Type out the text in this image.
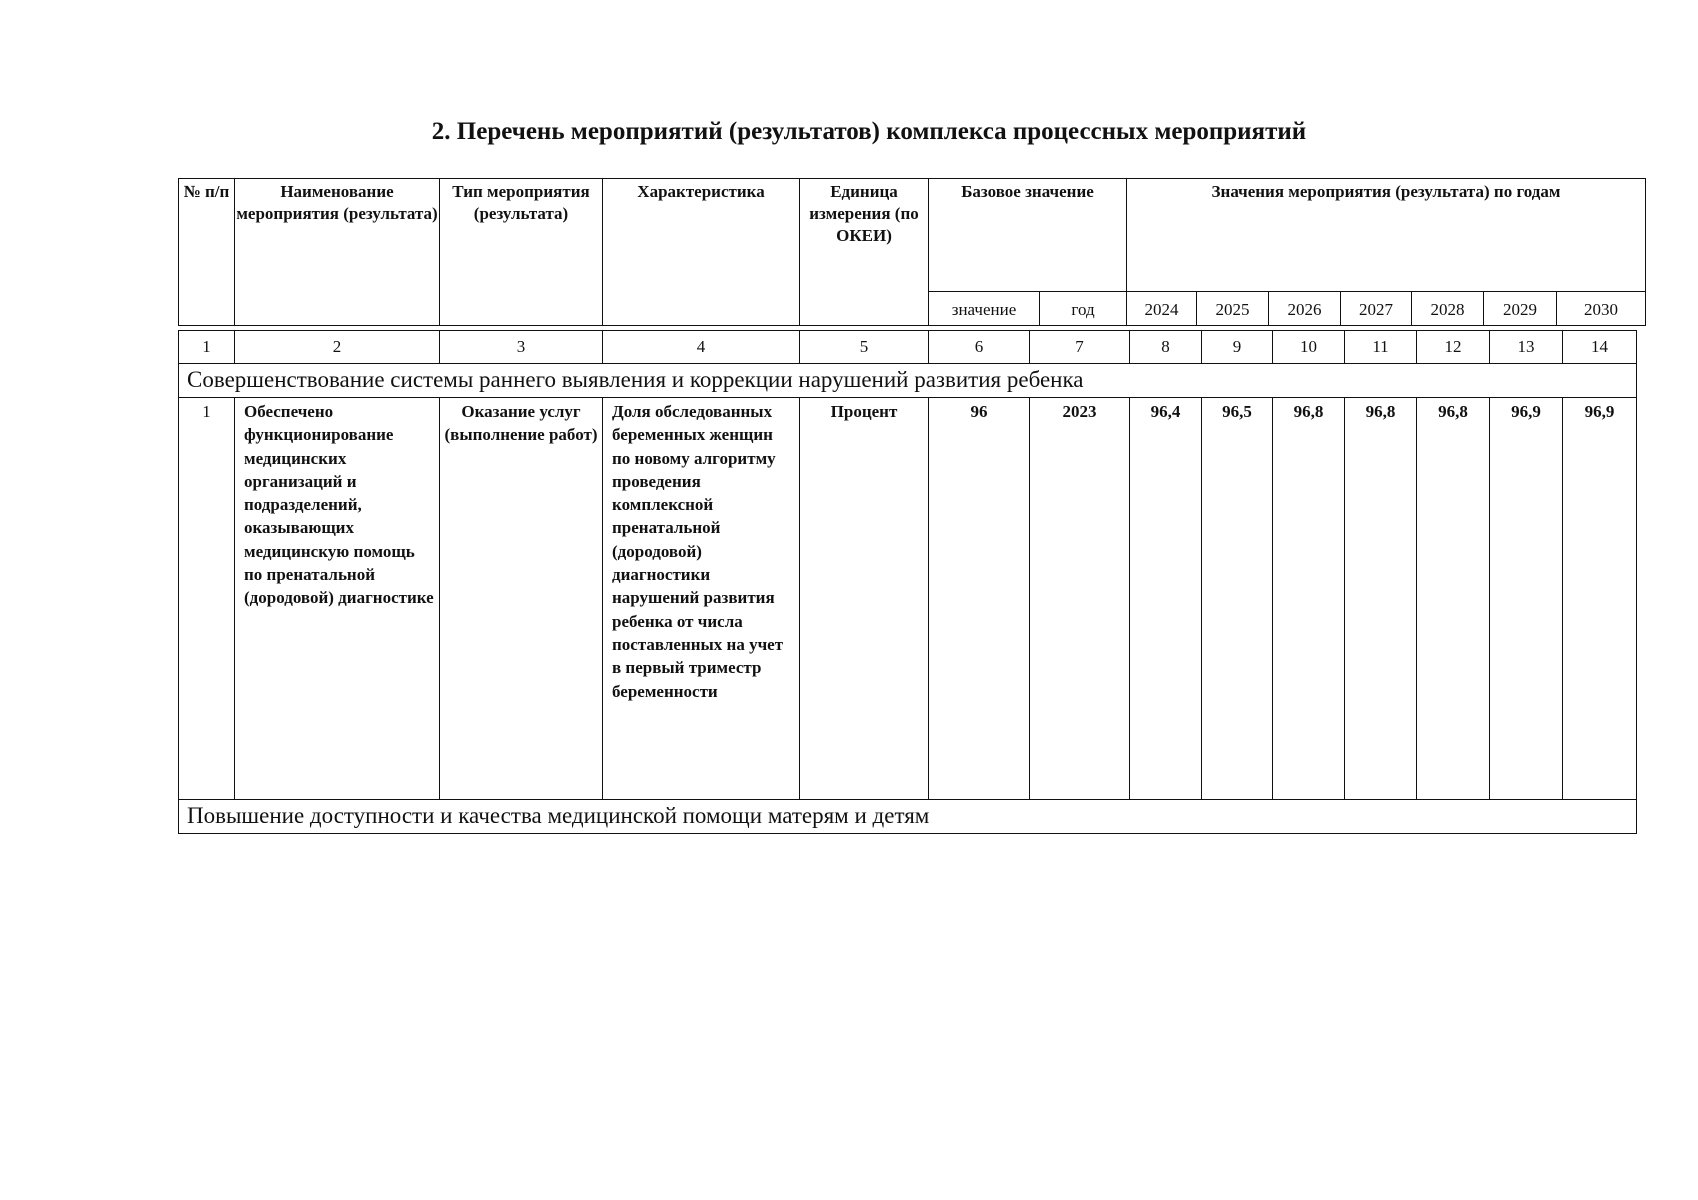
2. Перечень мероприятий (результатов) комплекса процессных мероприятий
№ п/п	Наименование мероприятия (результата)	Тип мероприятия (результата)	Характеристика	Единица измерения (по ОКЕИ)	Базовое значение		Значения мероприятия (результата) по годам						
					значение	год	2024	2025	2026	2027	2028	2029	2030
1	2	3	4	5	6	7	8	9	10	11	12	13	14
Совершенствование системы раннего выявления и коррекции нарушений развития ребенка													
1	Обеспечено функционирование медицинских организаций и подразделений, оказывающих медицинскую помощь по пренатальной (дородовой) диагностике	Оказание услуг (выполнение работ)	Доля обследованных беременных женщин по новому алгоритму проведения комплексной пренатальной (дородовой) диагностики нарушений развития ребенка от числа поставленных на учет в первый триместр беременности	Процент	96	2023	96,4	96,5	96,8	96,8	96,8	96,9	96,9
Повышение доступности и качества медицинской помощи матерям и детям													
